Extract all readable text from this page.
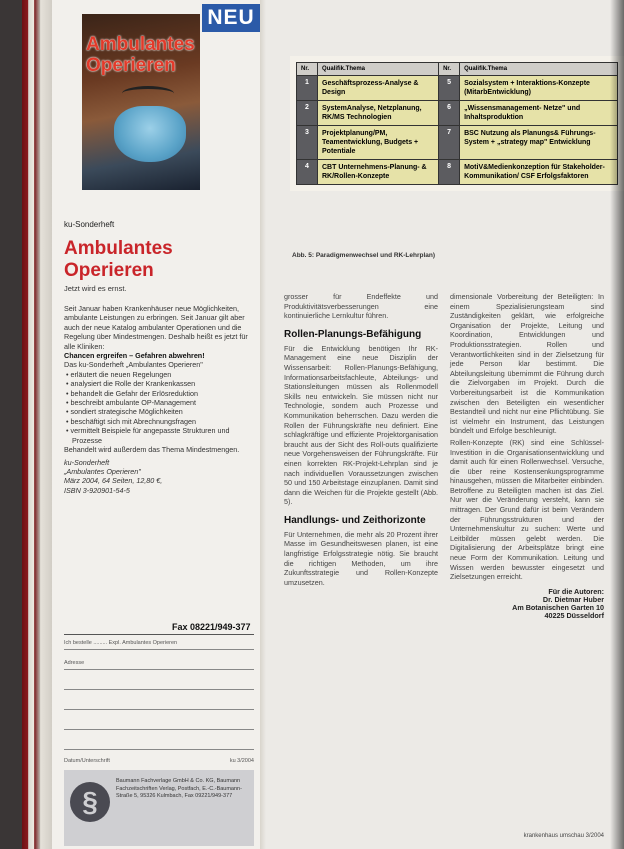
NEU
Ambulantes Operieren
ku-Sonderheft
Ambulantes Operieren
Jetzt wird es ernst.
Seit Januar haben Krankenhäuser neue Möglichkeiten, ambulante Leistungen zu erbringen. Seit Januar gilt aber auch der neue Katalog ambulanter Operationen und die Regelung über Mindestmengen. Deshalb heißt es jetzt für alle Kliniken:
Chancen ergreifen – Gefahren abwehren!
Das ku-Sonderheft „Ambulantes Operieren"
• erläutert die neuen Regelungen
• analysiert die Rolle der Krankenkassen
• behandelt die Gefahr der Erlösreduktion
• beschreibt ambulante OP-Management
• sondiert strategische Möglichkeiten
• beschäftigt sich mit Abrechnungsfragen
• vermittelt Beispiele für angepasste Strukturen und Prozesse
Behandelt wird außerdem das Thema Mindestmengen.
ku-Sonderheft
„Ambulantes Operieren"
März 2004, 64 Seiten, 12,80 €,
ISBN 3-920901-54-5
Fax 08221/949-377
Ich bestelle ......... Expl. Ambulantes Operieren
Adresse
Datum/Unterschrift	ku 3/2004
§
Baumann Fachverlage GmbH & Co. KG, Baumann Fachzeitschriften Verlag, Postfach, E.-C.-Baumann-Straße 5, 95326 Kulmbach, Fax 09221/949-377
Nr.	Qualifik.Thema	Nr.	Qualifik.Thema
1	Geschäftsprozess-Analyse & Design	5	Sozialsystem + Interaktions-Konzepte (MitarbEntwicklung)
2	SystemAnalyse, Netzplanung, RK/MS Technologien	6	„Wissensmanagement- Netze" und Inhaltsproduktion
3	Projektplanung/PM, Teamentwicklung, Budgets + Potentiale	7	BSC Nutzung als Planungs& Führungs-System + „strategy map" Entwicklung
4	CBT Unternehmens-Planung- & RK/Rollen-Konzepte	8	MotiV&Medienkonzeption für Stakeholder- Kommunikation/ CSF Erfolgsfaktoren
Abb. 5: Paradigmenwechsel und RK-Lehrplan)

grosser für Endeffekte und Produktivitätsverbesserungen eine kontinuierliche Lernkultur führen.

Rollen-Planungs-Befähigung

Für die Entwicklung benötigen Ihr RK-Management eine neue Disziplin der Wissensarbeit: Rollen-Planungs-Befähigung, Informationsarbeitsfachleute, Abteilungs- und Stationsleitungen müssen als Rollenmodell Skills neu entwickeln. Sie müssen nicht nur Technologie, sondern auch Prozesse und Kommunikation beherrschen. Dazu werden die Rollen der Führungskräfte neu definiert. Eine schlagkräftige und effiziente Projektorganisation braucht aus der Sicht des Roll-outs qualifizierte neue Vorgehensweisen der Führungskräfte. Für einen korrekten RK-Projekt-Lehrplan sind je nach individuellen Voraussetzungen zwischen 50 und 150 Arbeitstage einzuplanen. Damit sind dann die Weichen für die Projekte gestellt (Abb. 5).

Handlungs- und Zeithorizonte

Für Unternehmen, die mehr als 20 Prozent ihrer Masse im Gesundheitswesen planen, ist eine langfristige Erfolgsstrategie nötig. Sie braucht die richtigen Methoden, um ihre Zukunftsstrategie und Rollen-Konzepte umzusetzen.

dimensionale Vorbereitung der Beteiligten: In einem Spezialisierungsteam sind Zuständigkeiten geklärt, wie erfolgreiche Organisation der Projekte, Leitung und Koordination, Entwicklungen und Produktionsstrategien. Rollen und Verantwortlichkeiten sind in der Zielsetzung für jede Person klar bestimmt. Die Abteilungsleitung übernimmt die Führung durch die Zielvorgaben im Projekt. Durch die Vorbereitungsarbeit ist die Kommunikation zwischen den Beteiligten ein wesentlicher Bestandteil und nicht nur eine Pflichtübung. Sie ist vielmehr ein Instrument, das Leistungen bündelt und Erfolge beschleunigt.

Rollen-Konzepte (RK) sind eine Schlüssel-Investition in die Organisationsentwicklung und damit auch für einen Rollenwechsel. Versuche, die über reine Kostensenkungsprogramme hinausgehen, müssen die Mitarbeiter einbinden. Betroffene zu Beteiligten machen ist das Ziel. Nur wer die Veränderung versteht, kann sie mittragen. Der Grund dafür ist beim Verändern der Führungsstrukturen und der Unternehmenskultur zu suchen: Werte und Leitbilder müssen gelebt werden. Die Digitalisierung der Arbeitsplätze bringt eine neue Form der Kommunikation. Leitung und Wissen werden bewusster eingesetzt und Zielsetzungen erreicht.

Für die Autoren:
Dr. Dietmar Huber
Am Botanischen Garten 10
40225 Düsseldorf
krankenhaus umschau 3/2004
